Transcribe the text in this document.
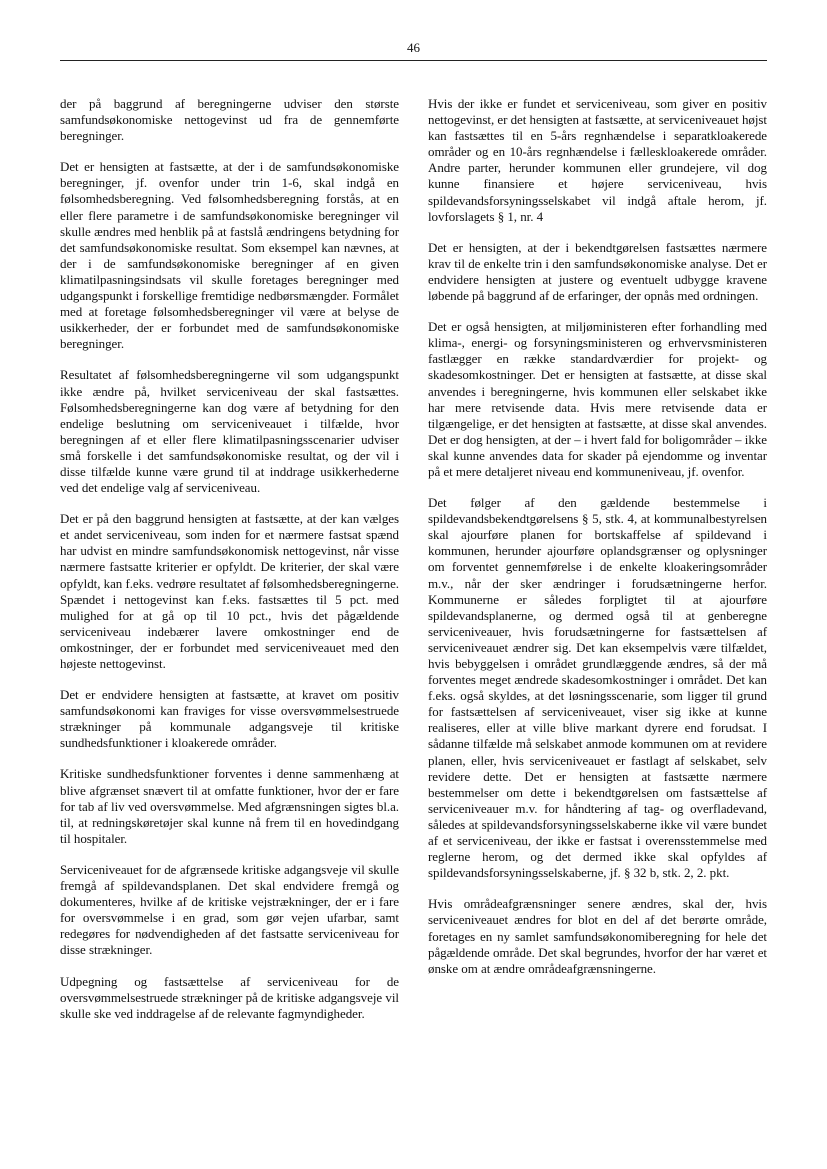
46

der på baggrund af beregningerne udviser den største samfundsøkonomiske nettogevinst ud fra de gennemførte beregninger.

Det er hensigten at fastsætte, at der i de samfundsøkonomiske beregninger, jf. ovenfor under trin 1-6, skal indgå en følsomhedsberegning. Ved følsomhedsberegning forstås, at en eller flere parametre i de samfundsøkonomiske beregninger vil skulle ændres med henblik på at fastslå ændringens betydning for det samfundsøkonomiske resultat. Som eksempel kan nævnes, at der i de samfundsøkonomiske beregninger af en given klimatilpasningsindsats vil skulle foretages beregninger med udgangspunkt i forskellige fremtidige nedbørsmængder. Formålet med at foretage følsomhedsberegninger vil være at belyse de usikkerheder, der er forbundet med de samfundsøkonomiske beregninger.

Resultatet af følsomhedsberegningerne vil som udgangspunkt ikke ændre på, hvilket serviceniveau der skal fastsættes. Følsomhedsberegningerne kan dog være af betydning for den endelige beslutning om serviceniveauet i tilfælde, hvor beregningen af et eller flere klimatilpasningsscenarier udviser små forskelle i det samfundsøkonomiske resultat, og der vil i disse tilfælde kunne være grund til at inddrage usikkerhederne ved det endelige valg af serviceniveau.

Det er på den baggrund hensigten at fastsætte, at der kan vælges et andet serviceniveau, som inden for et nærmere fastsat spænd har udvist en mindre samfundsøkonomisk nettogevinst, når visse nærmere fastsatte kriterier er opfyldt. De kriterier, der skal være opfyldt, kan f.eks. vedrøre resultatet af følsomhedsberegningerne. Spændet i nettogevinst kan f.eks. fastsættes til 5 pct. med mulighed for at gå op til 10 pct., hvis det pågældende serviceniveau indebærer lavere omkostninger end de omkostninger, der er forbundet med serviceniveauet med den højeste nettogevinst.

Det er endvidere hensigten at fastsætte, at kravet om positiv samfundsøkonomi kan fraviges for visse oversvømmelsestruede strækninger på kommunale adgangsveje til kritiske sundhedsfunktioner i kloakerede områder.

Kritiske sundhedsfunktioner forventes i denne sammenhæng at blive afgrænset snævert til at omfatte funktioner, hvor der er fare for tab af liv ved oversvømmelse. Med afgrænsningen sigtes bl.a. til, at redningskøretøjer skal kunne nå frem til en hovedindgang til hospitaler.

Serviceniveauet for de afgrænsede kritiske adgangsveje vil skulle fremgå af spildevandsplanen. Det skal endvidere fremgå og dokumenteres, hvilke af de kritiske vejstrækninger, der er i fare for oversvømmelse i en grad, som gør vejen ufarbar, samt redegøres for nødvendigheden af det fastsatte serviceniveau for disse strækninger.

Udpegning og fastsættelse af serviceniveau for de oversvømmelsestruede strækninger på de kritiske adgangsveje vil skulle ske ved inddragelse af de relevante fagmyndigheder.

Hvis der ikke er fundet et serviceniveau, som giver en positiv nettogevinst, er det hensigten at fastsætte, at serviceniveauet højst kan fastsættes til en 5-års regnhændelse i separatkloakerede områder og en 10-års regnhændelse i fælleskloakerede områder. Andre parter, herunder kommunen eller grundejere, vil dog kunne finansiere et højere serviceniveau, hvis spildevandsforsyningsselskabet vil indgå aftale herom, jf. lovforslagets § 1, nr. 4

Det er hensigten, at der i bekendtgørelsen fastsættes nærmere krav til de enkelte trin i den samfundsøkonomiske analyse. Det er endvidere hensigten at justere og eventuelt udbygge kravene løbende på baggrund af de erfaringer, der opnås med ordningen.

Det er også hensigten, at miljøministeren efter forhandling med klima-, energi- og forsyningsministeren og erhvervsministeren fastlægger en række standardværdier for projekt- og skadesomkostninger. Det er hensigten at fastsætte, at disse skal anvendes i beregningerne, hvis kommunen eller selskabet ikke har mere retvisende data. Hvis mere retvisende data er tilgængelige, er det hensigten at fastsætte, at disse skal anvendes. Det er dog hensigten, at der – i hvert fald for boligområder – ikke skal kunne anvendes data for skader på ejendomme og inventar på et mere detaljeret niveau end kommuneniveau, jf. ovenfor.

Det følger af den gældende bestemmelse i spildevandsbekendtgørelsens § 5, stk. 4, at kommunalbestyrelsen skal ajourføre planen for bortskaffelse af spildevand i kommunen, herunder ajourføre oplandsgrænser og oplysninger om forventet gennemførelse i de enkelte kloakeringsområder m.v., når der sker ændringer i forudsætningerne herfor. Kommunerne er således forpligtet til at ajourføre spildevandsplanerne, og dermed også til at genberegne serviceniveauer, hvis forudsætningerne for fastsættelsen af serviceniveauet ændrer sig. Det kan eksempelvis være tilfældet, hvis bebyggelsen i området grundlæggende ændres, så der må forventes meget ændrede skadesomkostninger i området. Det kan f.eks. også skyldes, at det løsningsscenarie, som ligger til grund for fastsættelsen af serviceniveauet, viser sig ikke at kunne realiseres, eller at ville blive markant dyrere end forudsat. I sådanne tilfælde må selskabet anmode kommunen om at revidere planen, eller, hvis serviceniveauet er fastlagt af selskabet, selv revidere dette. Det er hensigten at fastsætte nærmere bestemmelser om dette i bekendtgørelsen om fastsættelse af serviceniveauer m.v. for håndtering af tag- og overfladevand, således at spildevandsforsyningsselskaberne ikke vil være bundet af et serviceniveau, der ikke er fastsat i overensstemmelse med reglerne herom, og det dermed ikke skal opfyldes af spildevandsforsyningsselskaberne, jf. § 32 b, stk. 2, 2. pkt.

Hvis områdeafgrænsninger senere ændres, skal der, hvis serviceniveauet ændres for blot en del af det berørte område, foretages en ny samlet samfundsøkonomiberegning for hele det pågældende område. Det skal begrundes, hvorfor der har været et ønske om at ændre områdeafgrænsningerne.
